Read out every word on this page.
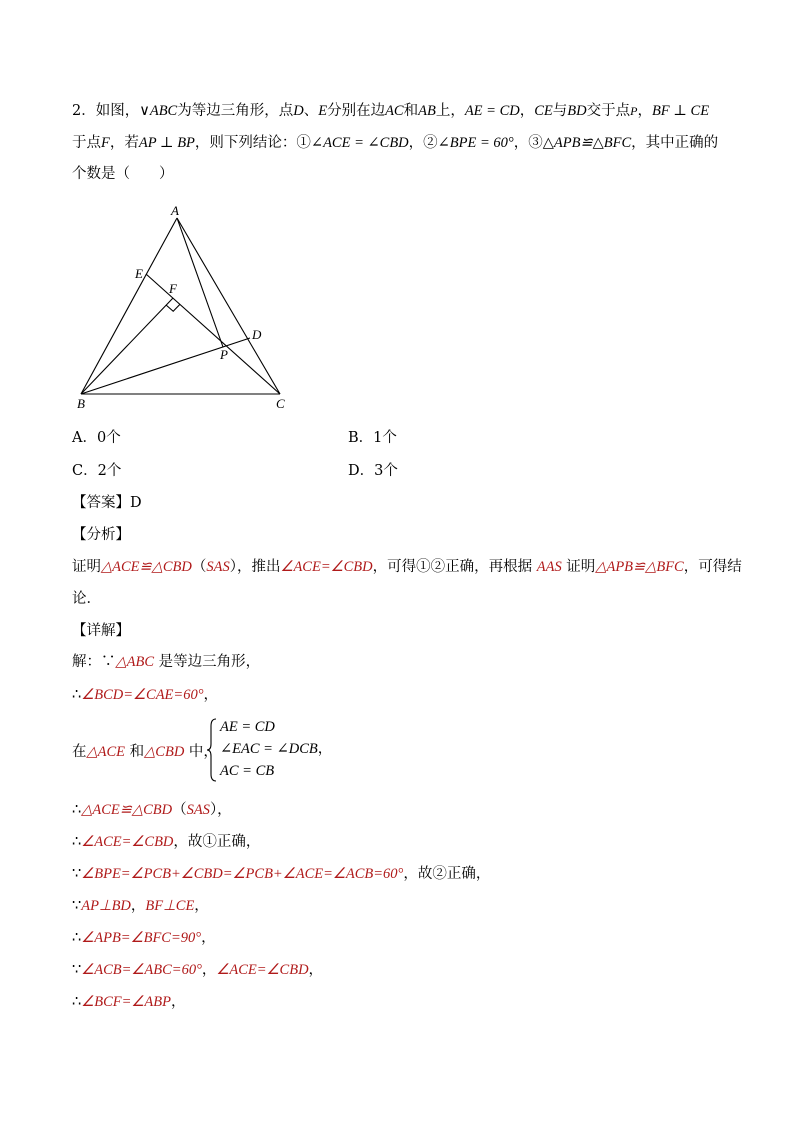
2．如图，∨ABC为等边三角形，点D、E分别在边AC和AB上，AE = CD，CE与BD交于点P，BF ⊥ CE
于点F，若AP ⊥ BP，则下列结论：①∠ACE = ∠CBD，②∠BPE = 60°，③△APB≌△BFC，其中正确的
个数是（　　）
A
E
F
D
P
B	C
A．0个	B．1个
C．2个	D．3个
【答案】D
【分析】
证明△ACE≌△CBD（SAS），推出∠ACE=∠CBD，可得①②正确，再根据 AAS 证明△APB≌△BFC，可得结
论．
【详解】
解：∵△ABC 是等边三角形，
∴∠BCD=∠CAE=60°，
在△ACE 和△CBD 中，
AE = CD
∠EAC = ∠DCB，
AC = CB
∴△ACE≌△CBD（SAS），
∴∠ACE=∠CBD，故①正确，
∵∠BPE=∠PCB+∠CBD=∠PCB+∠ACE=∠ACB=60°，故②正确，
∵AP⊥BD，BF⊥CE，
∴∠APB=∠BFC=90°，
∵∠ACB=∠ABC=60°，∠ACE=∠CBD，
∴∠BCF=∠ABP，
